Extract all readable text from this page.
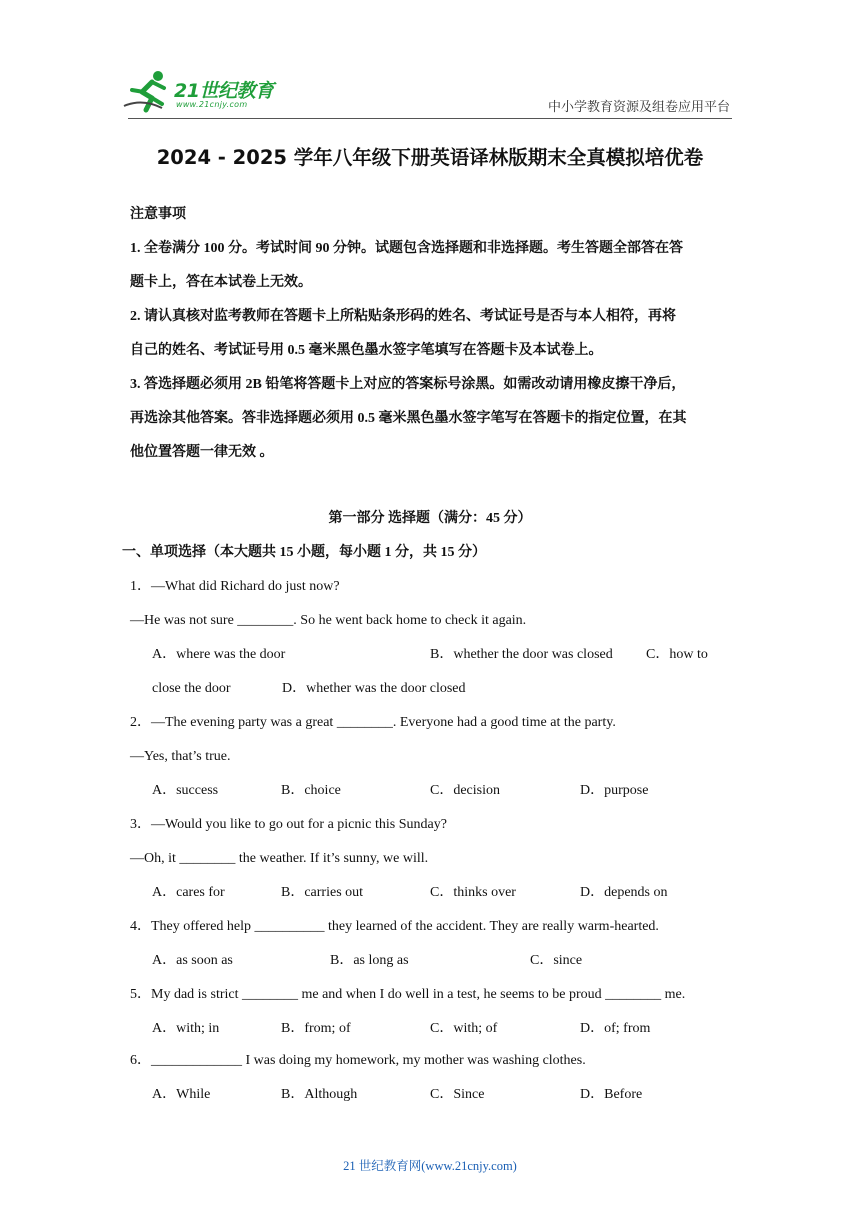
21世纪教育
www.21cnjy.com	中小学教育资源及组卷应用平台
2024 - 2025 学年八年级下册英语译林版期末全真模拟培优卷
注意事项
1. 全卷满分 100 分。考试时间 90 分钟。试题包含选择题和非选择题。考生答题全部答在答
题卡上，答在本试卷上无效。
2. 请认真核对监考教师在答题卡上所粘贴条形码的姓名、考试证号是否与本人相符，再将
自己的姓名、考试证号用 0.5 毫米黑色墨水签字笔填写在答题卡及本试卷上。
3. 答选择题必须用 2B 铅笔将答题卡上对应的答案标号涂黑。如需改动请用橡皮擦干净后，
再选涂其他答案。答非选择题必须用 0.5 毫米黑色墨水签字笔写在答题卡的指定位置，在其
他位置答题一律无效 。
第一部分 选择题（满分：45 分）
一、单项选择（本大题共 15 小题，每小题 1 分，共 15 分）
1．—What did Richard do just now?
—He was not sure ________. So he went back home to check it again.
A．where was the door	B．whether the door was closed C．how to
close the door	D．whether was the door closed
2．—The evening party was a great ________. Everyone had a good time at the party.
—Yes, that’s true.
A．success	B．choice	C．decision	D．purpose
3．—Would you like to go out for a picnic this Sunday?
—Oh, it ________ the weather. If it’s sunny, we will.
A．cares for	B．carries out	C．thinks over	D．depends on
4．They offered help __________ they learned of the accident. They are really warm-hearted.
A．as soon as	B．as long as	C．since
5．My dad is strict ________ me and when I do well in a test, he seems to be proud ________ me.
A．with; in	B．from; of	C．with; of	D．of; from
6．_____________ I was doing my homework, my mother was washing clothes.
A．While	B．Although	C．Since	D．Before
21 世纪教育网(www.21cnjy.com)
